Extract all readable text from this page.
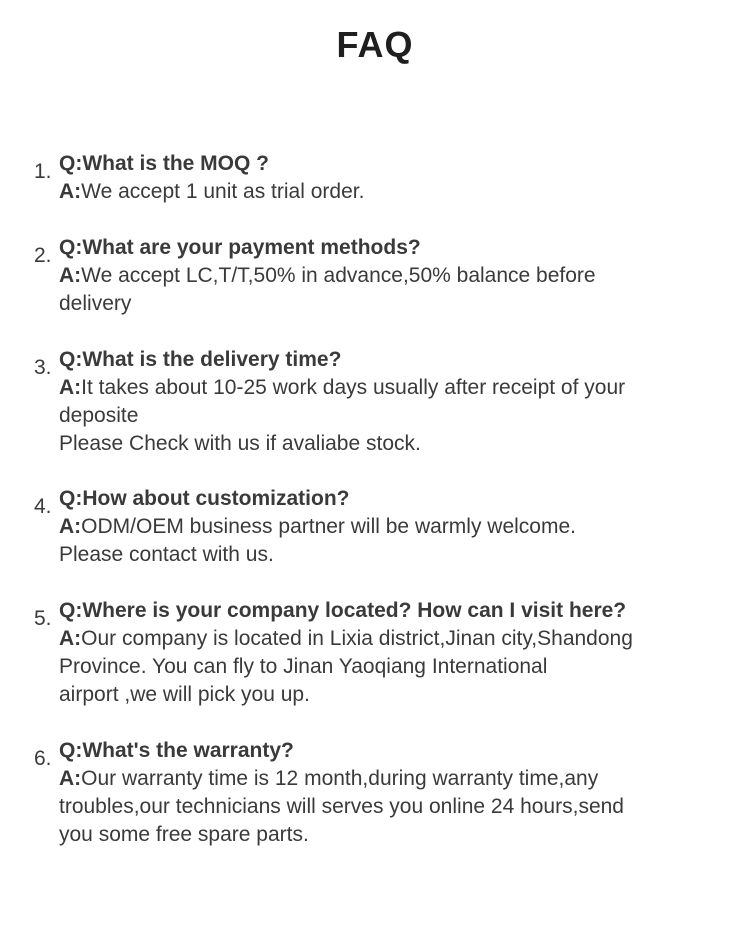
FAQ
1. Q:What is the MOQ ?
A:We accept 1 unit as trial order.
2. Q:What are your payment methods?
A:We accept LC,T/T,50% in advance,50% balance before
delivery
3. Q:What is the delivery time?
A:It takes about 10-25 work days usually after receipt of your
deposite
Please Check with us if avaliabe stock.
4. Q:How about customization?
A:ODM/OEM business partner will be warmly welcome.
Please contact with us.
5. Q:Where is your company located? How can I visit here?
A:Our company is located in Lixia district,Jinan city,Shandong
Province. You can fly to Jinan Yaoqiang International
airport ,we will pick you up.
6. Q:What's the warranty?
A:Our warranty time is 12 month,during warranty time,any
troubles,our technicians will serves you online 24 hours,send
you some free spare parts.
